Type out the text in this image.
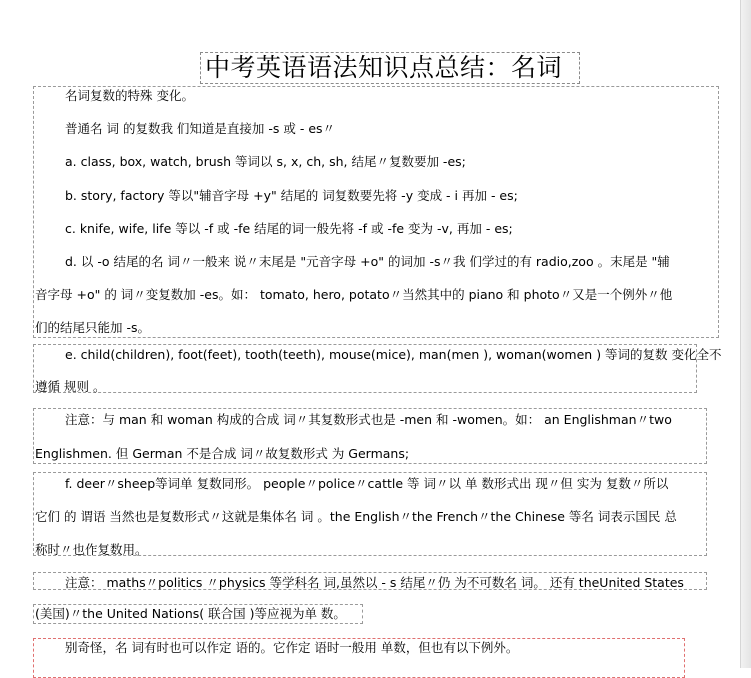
中考英语语法知识点总结：名词
名词复数的特殊 变化。
普通名 词 的复数我 们知道是直接加 -s 或 - es〃
a. class, box, watch, brush 等词以 s, x, ch, sh, 结尾〃复数要加 -es;
b. story, factory 等以"辅音字母 +y" 结尾的 词复数要先将 -y 变成 - i 再加 - es;
c. knife, wife, life 等以 -f 或 -fe 结尾的词一般先将 -f 或 -fe 变为 -v, 再加 - es;
d. 以 -o 结尾的名 词〃一般来 说〃末尾是 "元音字母 +o" 的词加 -s〃我 们学过的有 radio,zoo 。末尾是 "辅
音字母 +o" 的 词〃变复数加 -es。如： tomato, hero, potato〃当然其中的 piano 和 photo〃又是一个例外〃他
们的结尾只能加 -s。
e. child(children), foot(feet), tooth(teeth), mouse(mice), man(men ), woman(women ) 等词的复数 变化全不
遵循 规则 。
注意：与 man 和 woman 构成的合成 词〃其复数形式也是 -men 和 -women。如： an Englishman〃two
Englishmen. 但 German 不是合成 词〃故复数形式 为 Germans;
f. deer〃sheep等词单 复数同形。 people〃police〃cattle 等 词〃以 单 数形式出 现〃但 实为 复数〃所以
它们 的 谓语 当然也是复数形式〃这就是集体名 词 。the English〃the French〃the Chinese 等名 词表示国民 总
称时〃也作复数用。
注意： maths〃politics 〃physics 等学科名 词,虽然以 - s 结尾〃仍 为不可数名 词。 还有 theUnited States
(美国)〃the United Nations( 联合国 )等应视为单 数。
别奇怪，名 词有时也可以作定 语的。它作定 语时一般用 单数，但也有以下例外。
